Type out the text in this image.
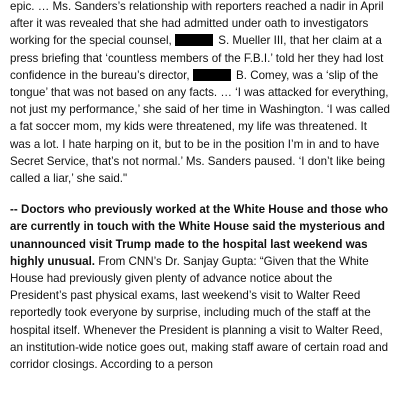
epic. … Ms. Sanders’s relationship with reporters reached a nadir in April after it was revealed that she had admitted under oath to investigators working for the special counsel,	S. Mueller III, that her claim at a press briefing that ‘countless members of the F.B.I.’ told her they had lost confidence in the bureau’s director,	B. Comey, was a ‘slip of the tongue’ that was not based on any facts. … ‘I was attacked for everything, not just my performance,’ she said of her time in Washington. ‘I was called a fat soccer mom, my kids were threatened, my life was threatened. It was a lot. I hate harping on it, but to be in the position I’m in and to have Secret Service, that’s not normal.’ Ms. Sanders paused. ‘I don’t like being called a liar,’ she said."

-- Doctors who previously worked at the White House and those who are currently in touch with the White House said the mysterious and unannounced visit Trump made to the hospital last weekend was highly unusual. From CNN’s Dr. Sanjay Gupta: “Given that the White House had previously given plenty of advance notice about the President’s past physical exams, last weekend’s visit to Walter Reed reportedly took everyone by surprise, including much of the staff at the hospital itself. Whenever the President is planning a visit to Walter Reed, an institution-wide notice goes out, making staff aware of certain road and corridor closings. According to a person
